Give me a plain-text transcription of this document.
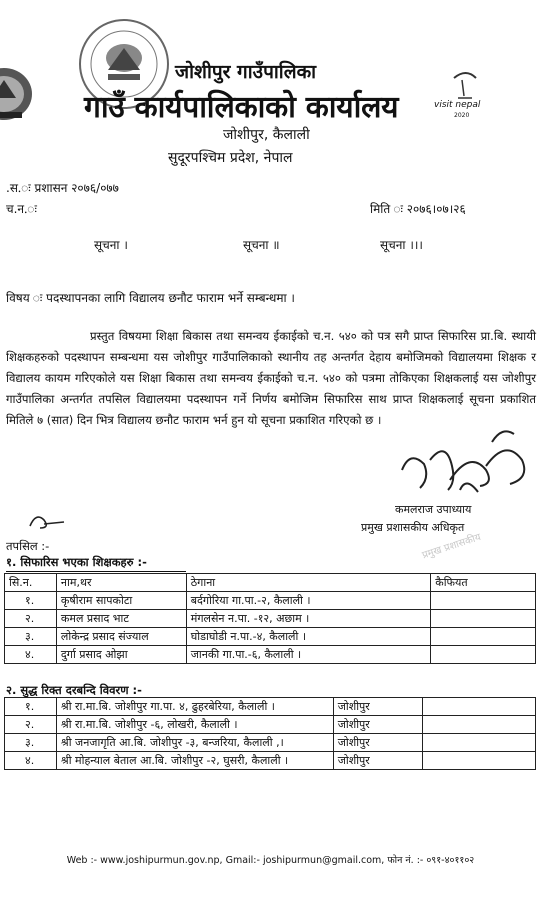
visit nepal
2020
जोशीपुर गाउँपालिका
गाउँ कार्यपालिकाको कार्यालय
जोशीपुर, कैलाली
सुदूरपश्चिम प्रदेश, नेपाल
.स.ः प्रशासन २०७६/०७७
च.न.ः	मिति ः २०७६।०७।२६
सूचना ।	सूचना ॥	सूचना ।।।
विषय ः पदस्थापनका लागि विद्यालय छनौट फाराम भर्ने सम्बन्धमा ।

प्रस्तुत विषयमा शिक्षा बिकास तथा समन्वय ईकाईको च.न. ५४० को पत्र सगै प्राप्त सिफारिस प्रा.बि. स्थायी शिक्षकहरुको पदस्थापन सम्बन्धमा यस जोशीपुर गाउँपालिकाको स्थानीय तह अन्तर्गत देहाय बमोजिमको विद्यालयमा शिक्षक र विद्यालय कायम गरिएकोले यस शिक्षा बिकास तथा समन्वय ईकाईको च.न. ५४० को पत्रमा तोकिएका शिक्षकलाई यस जोशीपुर गाउँपालिका अन्तर्गत तपसिल विद्यालयमा पदस्थापन गर्ने निर्णय बमोजिम सिफारिस साथ प्राप्त शिक्षकलाई सूचना प्रकाशित मितिले ७ (सात) दिन भित्र विद्यालय छनौट फाराम भर्न हुन यो सूचना प्रकाशित गरिएको छ ।

कमलराज उपाध्याय
प्रमुख प्रशासकीय अधिकृत
प्रमुख प्रशासकीय
तपसिल :-
१. सिफारिस भएका शिक्षकहरु :-
सि.न.	नाम,थर	ठेगाना	कैफियत
१.	कृषीराम सापकोटा	बर्दगोरिया गा.पा.-२, कैलाली ।	
२.	कमल प्रसाद भाट	मंगलसेन न.पा. -१२, अछाम ।	
३.	लोकेन्द्र प्रसाद संज्याल	घोडाघोडी न.पा.-४, कैलाली ।	
४.	दुर्गा प्रसाद ओझा	जानकी गा.पा.-६, कैलाली ।	
२. सुद्ध रिक्त दरबन्दि विवरण :-
१.	श्री रा.मा.बि. जोशीपुर गा.पा. ४, ढुहरबेरिया, कैलाली ।	जोशीपुर	
२.	श्री रा.मा.बि. जोशीपुर -६, लोखरी, कैलाली ।	जोशीपुर	
३.	श्री जनजागृति आ.बि. जोशीपुर -३, बन्जरिया, कैलाली ,।	जोशीपुर	
४.	श्री मोहन्याल बेताल आ.बि. जोशीपुर -२, घुसरी, कैलाली ।	जोशीपुर	
Web :- www.joshipurmun.gov.np, Gmail:- joshipurmun@gmail.com, फोन नं. :- ०९१-४०११०२
